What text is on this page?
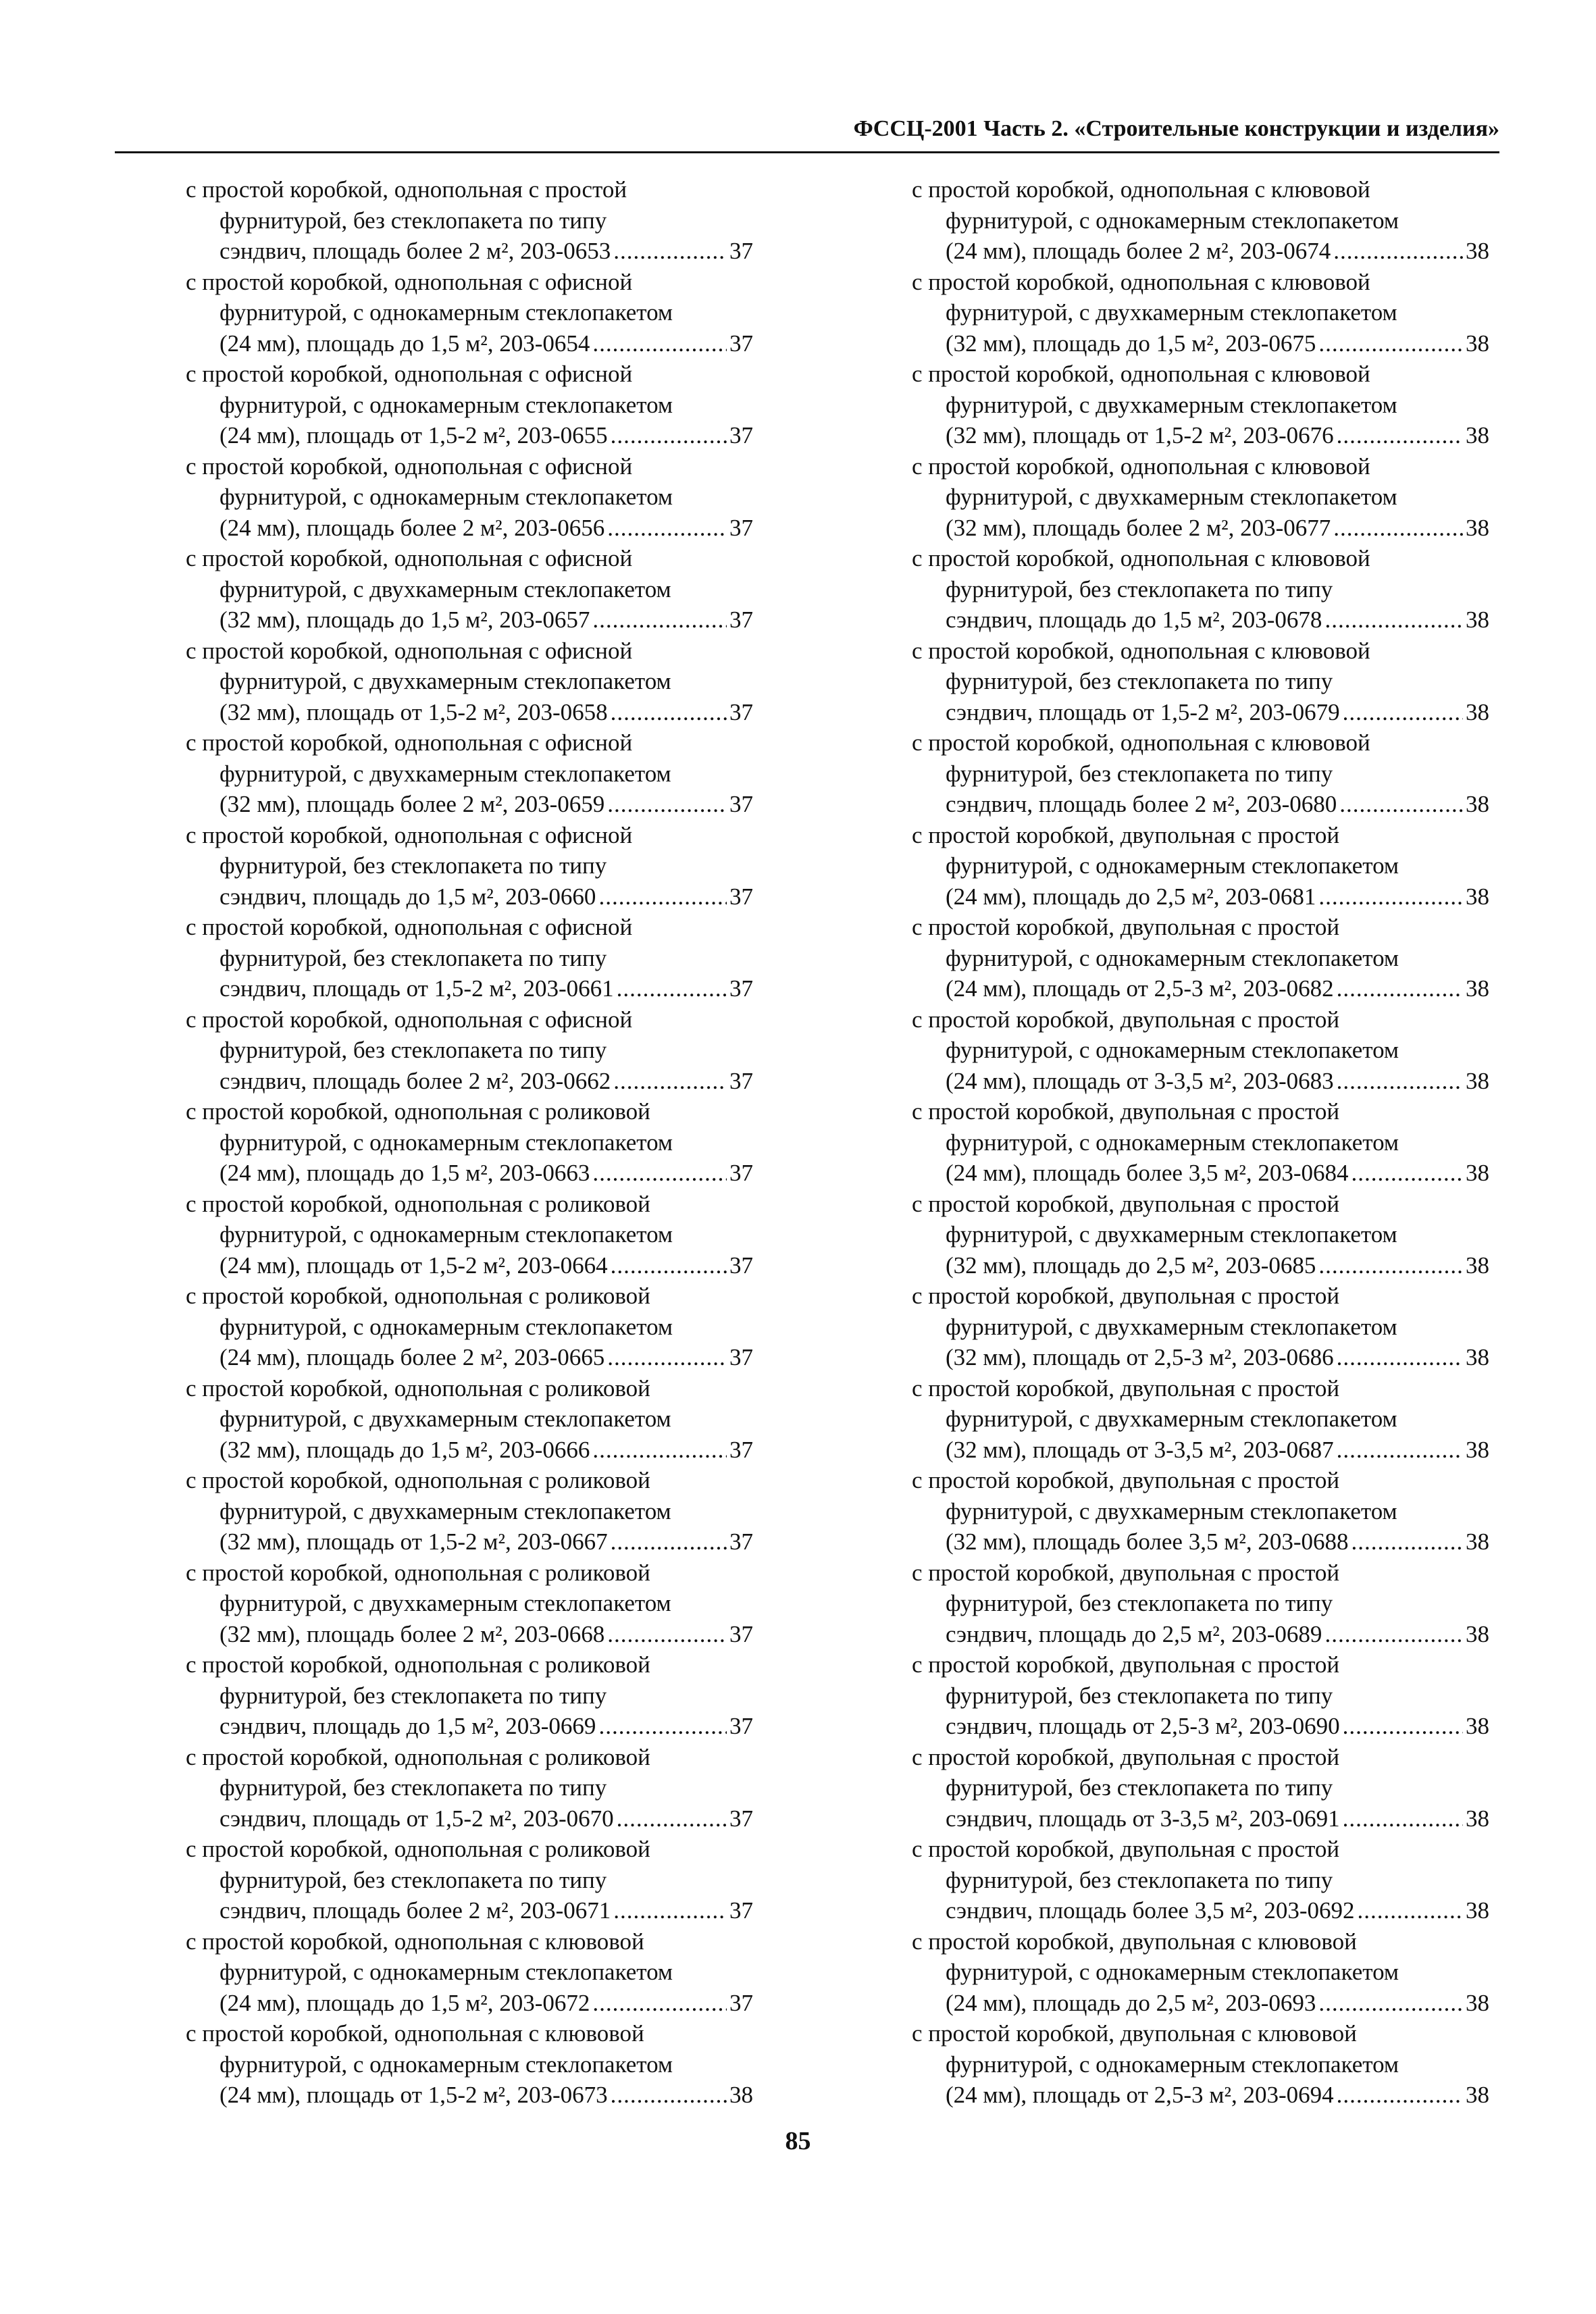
ФССЦ-2001 Часть 2. «Строительные конструкции и изделия»
с простой коробкой, однопольная с простой
фурнитурой, без стеклопакета по типу
сэндвич, площадь более 2 м², 203-0653 .....	37
с простой коробкой, однопольная с офисной
фурнитурой, с однокамерным стеклопакетом
(24 мм), площадь до 1,5 м², 203-0654 .....	37
с простой коробкой, однопольная с офисной
фурнитурой, с однокамерным стеклопакетом
(24 мм), площадь от 1,5-2 м², 203-0655 .....	37
с простой коробкой, однопольная с офисной
фурнитурой, с однокамерным стеклопакетом
(24 мм), площадь более 2 м², 203-0656 .....	37
с простой коробкой, однопольная с офисной
фурнитурой, с двухкамерным стеклопакетом
(32 мм), площадь до 1,5 м², 203-0657 .....	37
с простой коробкой, однопольная с офисной
фурнитурой, с двухкамерным стеклопакетом
(32 мм), площадь от 1,5-2 м², 203-0658 .....	37
с простой коробкой, однопольная с офисной
фурнитурой, с двухкамерным стеклопакетом
(32 мм), площадь более 2 м², 203-0659 .....	37
с простой коробкой, однопольная с офисной
фурнитурой, без стеклопакета по типу
сэндвич, площадь до 1,5 м², 203-0660 .....	37
с простой коробкой, однопольная с офисной
фурнитурой, без стеклопакета по типу
сэндвич, площадь от 1,5-2 м², 203-0661 .....	37
с простой коробкой, однопольная с офисной
фурнитурой, без стеклопакета по типу
сэндвич, площадь более 2 м², 203-0662 .....	37
с простой коробкой, однопольная с роликовой
фурнитурой, с однокамерным стеклопакетом
(24 мм), площадь до 1,5 м², 203-0663 .....	37
с простой коробкой, однопольная с роликовой
фурнитурой, с однокамерным стеклопакетом
(24 мм), площадь от 1,5-2 м², 203-0664 .....	37
с простой коробкой, однопольная с роликовой
фурнитурой, с однокамерным стеклопакетом
(24 мм), площадь более 2 м², 203-0665 .....	37
с простой коробкой, однопольная с роликовой
фурнитурой, с двухкамерным стеклопакетом
(32 мм), площадь до 1,5 м², 203-0666 .....	37
с простой коробкой, однопольная с роликовой
фурнитурой, с двухкамерным стеклопакетом
(32 мм), площадь от 1,5-2 м², 203-0667 .....	37
с простой коробкой, однопольная с роликовой
фурнитурой, с двухкамерным стеклопакетом
(32 мм), площадь более 2 м², 203-0668 .....	37
с простой коробкой, однопольная с роликовой
фурнитурой, без стеклопакета по типу
сэндвич, площадь до 1,5 м², 203-0669 .....	37
с простой коробкой, однопольная с роликовой
фурнитурой, без стеклопакета по типу
сэндвич, площадь от 1,5-2 м², 203-0670 .....	37
с простой коробкой, однопольная с роликовой
фурнитурой, без стеклопакета по типу
сэндвич, площадь более 2 м², 203-0671 .....	37
с простой коробкой, однопольная с клювовой
фурнитурой, с однокамерным стеклопакетом
(24 мм), площадь до 1,5 м², 203-0672 .....	37
с простой коробкой, однопольная с клювовой
фурнитурой, с однокамерным стеклопакетом
(24 мм), площадь от 1,5-2 м², 203-0673 .....	38
с простой коробкой, однопольная с клювовой
фурнитурой, с однокамерным стеклопакетом
(24 мм), площадь более 2 м², 203-0674 .....	38
с простой коробкой, однопольная с клювовой
фурнитурой, с двухкамерным стеклопакетом
(32 мм), площадь до 1,5 м², 203-0675 .....	38
с простой коробкой, однопольная с клювовой
фурнитурой, с двухкамерным стеклопакетом
(32 мм), площадь от 1,5-2 м², 203-0676 .....	38
с простой коробкой, однопольная с клювовой
фурнитурой, с двухкамерным стеклопакетом
(32 мм), площадь более 2 м², 203-0677 .....	38
с простой коробкой, однопольная с клювовой
фурнитурой, без стеклопакета по типу
сэндвич, площадь до 1,5 м², 203-0678 .....	38
с простой коробкой, однопольная с клювовой
фурнитурой, без стеклопакета по типу
сэндвич, площадь от 1,5-2 м², 203-0679 .....	38
с простой коробкой, однопольная с клювовой
фурнитурой, без стеклопакета по типу
сэндвич, площадь более 2 м², 203-0680 .....	38
с простой коробкой, двупольная с простой
фурнитурой, с однокамерным стеклопакетом
(24 мм), площадь до 2,5 м², 203-0681 .....	38
с простой коробкой, двупольная с простой
фурнитурой, с однокамерным стеклопакетом
(24 мм), площадь от 2,5-3 м², 203-0682 .....	38
с простой коробкой, двупольная с простой
фурнитурой, с однокамерным стеклопакетом
(24 мм), площадь от 3-3,5 м², 203-0683 .....	38
с простой коробкой, двупольная с простой
фурнитурой, с однокамерным стеклопакетом
(24 мм), площадь более 3,5 м², 203-0684 .....	38
с простой коробкой, двупольная с простой
фурнитурой, с двухкамерным стеклопакетом
(32 мм), площадь до 2,5 м², 203-0685 .....	38
с простой коробкой, двупольная с простой
фурнитурой, с двухкамерным стеклопакетом
(32 мм), площадь от 2,5-3 м², 203-0686 .....	38
с простой коробкой, двупольная с простой
фурнитурой, с двухкамерным стеклопакетом
(32 мм), площадь от 3-3,5 м², 203-0687 .....	38
с простой коробкой, двупольная с простой
фурнитурой, с двухкамерным стеклопакетом
(32 мм), площадь более 3,5 м², 203-0688 .....	38
с простой коробкой, двупольная с простой
фурнитурой, без стеклопакета по типу
сэндвич, площадь до 2,5 м², 203-0689 .....	38
с простой коробкой, двупольная с простой
фурнитурой, без стеклопакета по типу
сэндвич, площадь от 2,5-3 м², 203-0690 .....	38
с простой коробкой, двупольная с простой
фурнитурой, без стеклопакета по типу
сэндвич, площадь от 3-3,5 м², 203-0691 .....	38
с простой коробкой, двупольная с простой
фурнитурой, без стеклопакета по типу
сэндвич, площадь более 3,5 м², 203-0692 .....	38
с простой коробкой, двупольная с клювовой
фурнитурой, с однокамерным стеклопакетом
(24 мм), площадь до 2,5 м², 203-0693 .....	38
с простой коробкой, двупольная с клювовой
фурнитурой, с однокамерным стеклопакетом
(24 мм), площадь от 2,5-3 м², 203-0694 .....	38
85
